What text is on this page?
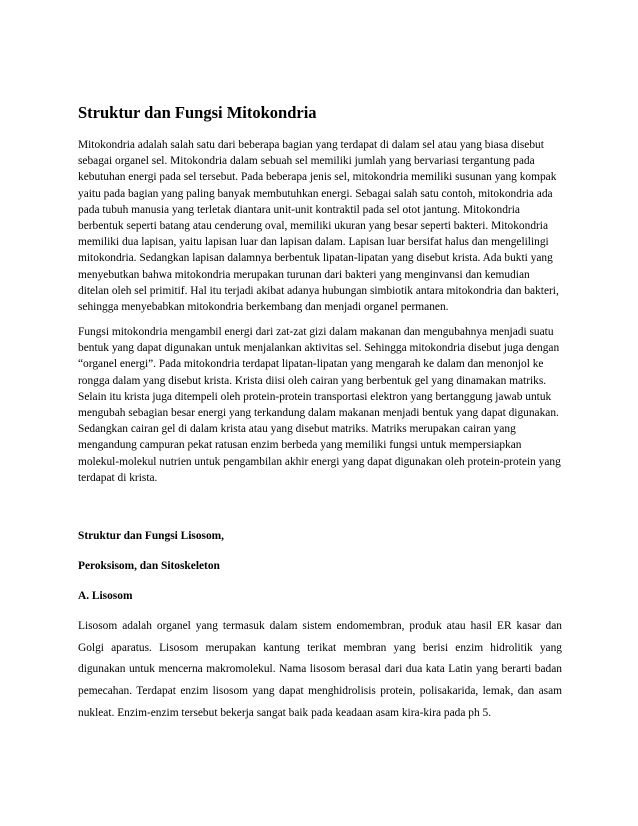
Struktur dan Fungsi Mitokondria

Mitokondria adalah salah satu dari beberapa bagian yang terdapat di dalam sel atau yang biasa disebut sebagai organel sel. Mitokondria dalam sebuah sel memiliki jumlah yang bervariasi tergantung pada kebutuhan energi pada sel tersebut. Pada beberapa jenis sel, mitokondria memiliki susunan yang kompak yaitu pada bagian yang paling banyak membutuhkan energi. Sebagai salah satu contoh, mitokondria ada pada tubuh manusia yang terletak diantara unit-unit kontraktil pada sel otot jantung. Mitokondria berbentuk seperti batang atau cenderung oval, memiliki ukuran yang besar seperti bakteri. Mitokondria memiliki dua lapisan, yaitu lapisan luar dan lapisan dalam. Lapisan luar bersifat halus dan mengelilingi mitokondria. Sedangkan lapisan dalamnya berbentuk lipatan-lipatan yang disebut krista. Ada bukti yang menyebutkan bahwa mitokondria merupakan turunan dari bakteri yang menginvansi dan kemudian ditelan oleh sel primitif. Hal itu terjadi akibat adanya hubungan simbiotik antara mitokondria dan bakteri, sehingga menyebabkan mitokondria berkembang dan menjadi organel permanen.

Fungsi mitokondria mengambil energi dari zat-zat gizi dalam makanan dan mengubahnya menjadi suatu bentuk yang dapat digunakan untuk menjalankan aktivitas sel. Sehingga mitokondria disebut juga dengan “organel energi”. Pada mitokondria terdapat lipatan-lipatan yang mengarah ke dalam dan menonjol ke rongga dalam yang disebut krista. Krista diisi oleh cairan yang berbentuk gel yang dinamakan matriks. Selain itu krista juga ditempeli oleh protein-protein transportasi elektron yang bertanggung jawab untuk mengubah sebagian besar energi yang terkandung dalam makanan menjadi bentuk yang dapat digunakan. Sedangkan cairan gel di dalam krista atau yang disebut matriks. Matriks merupakan cairan yang mengandung campuran pekat ratusan enzim berbeda yang memiliki fungsi untuk mempersiapkan molekul-molekul nutrien untuk pengambilan akhir energi yang dapat digunakan oleh protein-protein yang terdapat di krista.

Struktur dan Fungsi Lisosom,

Peroksisom, dan Sitoskeleton

A. Lisosom

Lisosom adalah organel yang termasuk dalam sistem endomembran, produk atau hasil ER kasar dan Golgi aparatus. Lisosom merupakan kantung terikat membran yang berisi enzim hidrolitik yang digunakan untuk mencerna makromolekul. Nama lisosom berasal dari dua kata Latin yang berarti badan pemecahan. Terdapat enzim lisosom yang dapat menghidrolisis protein, polisakarida, lemak, dan asam nukleat. Enzim-enzim tersebut bekerja sangat baik pada keadaan asam kira-kira pada ph 5.
